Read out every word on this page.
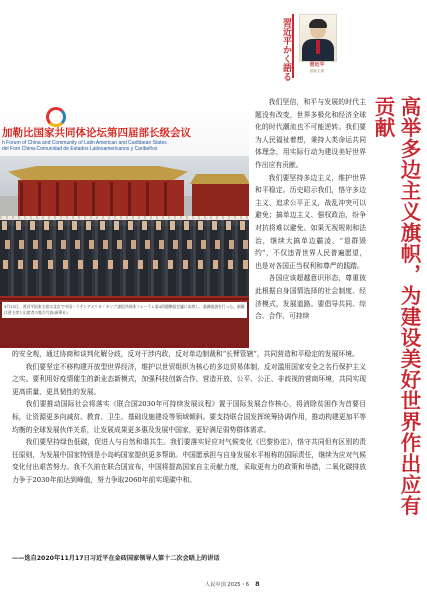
習近平かく語る	習近平
国家主席
加勒比国家共同体论坛第四届部长级会议
h Forum of China and Community of Latin American and Caribbean States
del Foro China-Comunidad de Estados Latinoamericanos y Caribeños
5月13日、習近平国家主席は北京で中国－ラテンアメリカ・カリブ諸国共同体フォーラム第4回閣僚級会議に出席し、基調演説を行った。画像は習主席と出席者の集合写真(新華社)	高举多边主义旗帜，为建设美好世界作出应有贡献

我们坚信，和平与发展的时代主题没有改变，世界多极化和经济全球化的时代潮流也不可能逆转。我们要为人民福祉着想，秉持人类命运共同体理念，用实际行动为建设美好世界作出应有贡献。

我们要坚持多边主义，维护世界和平稳定。历史昭示我们，恪守多边主义、追求公平正义，战乱冲突可以避免；搞单边主义、强权政治，纷争对抗将难以避免。如果无视规则和法治，继续大搞单边霸凌、“退群毁约”，不仅违背世界人民普遍愿望，也是对各国正当权利和尊严的践踏。

各国应该超越意识形态，尊重彼此根据自身国情选择的社会制度、经济模式，发展道路。要倡导共同、综合、合作、可持续

的安全观，通过协商和谈判化解分歧，反对干涉内政，反对单边制裁和“长臂管辖”，共同营造和平稳定的发展环境。

我们要坚定不移构建开放型世界经济，维护以世贸组织为核心的多边贸易体制，反对滥用国家安全之名行保护主义之实。要利用好疫情催生的新业态新模式，加强科技创新合作，营造开放、公平、公正、非歧视的营商环境，共同实现更高质量、更具韧性的发展。

我们要推动国际社会将落实《联合国2030年可持续发展议程》置于国际发展合作核心，将消除贫困作为首要目标，让资源更多向减贫、教育、卫生、基础设施建设等领域倾斜。要支持联合国发挥统筹协调作用，推动构建更加平等均衡的全球发展伙伴关系，让发展成果更多惠及发展中国家，更好满足弱势群体需求。

我们要坚持绿色低碳，促进人与自然和谐共生。我们要落实好应对气候变化《巴黎协定》，恪守共同但有区别的责任原则，为发展中国家特别是小岛屿国家提供更多帮助。中国愿承担与自身发展水平相称的国际责任，继续为应对气候变化付出艰苦努力。我不久前在联合国宣布，中国将提高国家自主贡献力度，采取更有力的政策和举措，二氧化碳排放力争于2030年前达到峰值，努力争取2060年前实现碳中和。

——选自2020年11月17日习近平在金砖国家领导人第十二次会晤上的讲话
人民中国 2025・6 8
